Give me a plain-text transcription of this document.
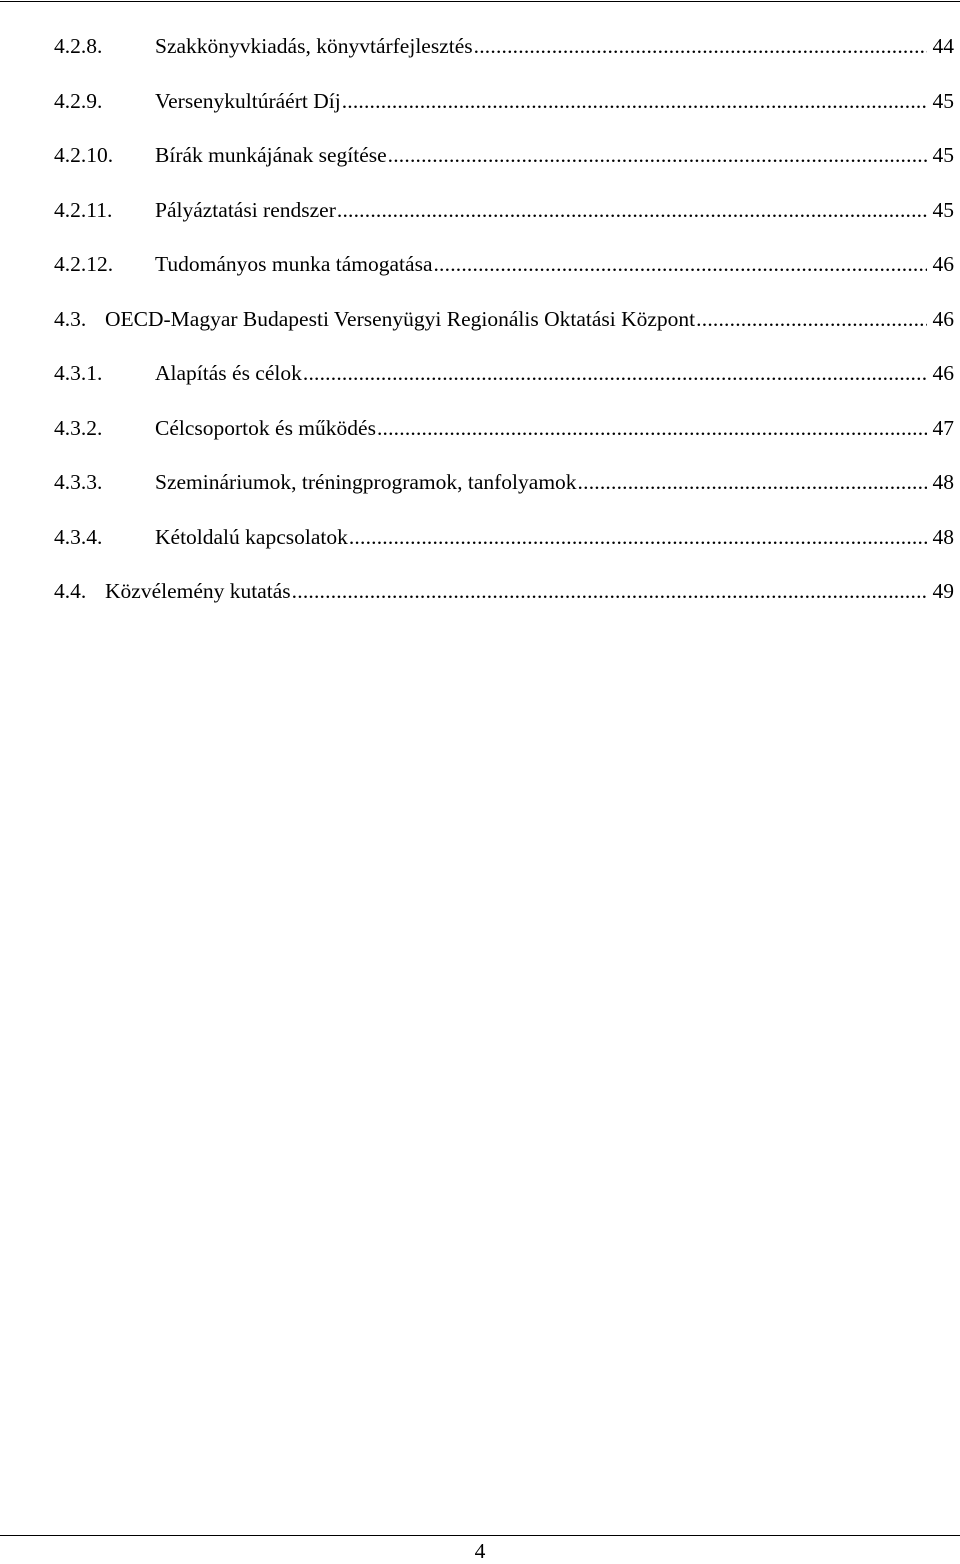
4.2.8. Szakkönyvkiadás, könyvtárfejlesztés .....	44
4.2.9. Versenykultúráért Díj .....	45
4.2.10. Bírák munkájának segítése .....	45
4.2.11. Pályáztatási rendszer .....	45
4.2.12. Tudományos munka támogatása .....	46
4.3. OECD-Magyar Budapesti Versenyügyi Regionális Oktatási Központ .....	46
4.3.1. Alapítás és célok .....	46
4.3.2. Célcsoportok és működés .....	47
4.3.3. Szemináriumok, tréningprogramok, tanfolyamok .....	48
4.3.4. Kétoldalú kapcsolatok .....	48
4.4. Közvélemény kutatás .....	49
4
